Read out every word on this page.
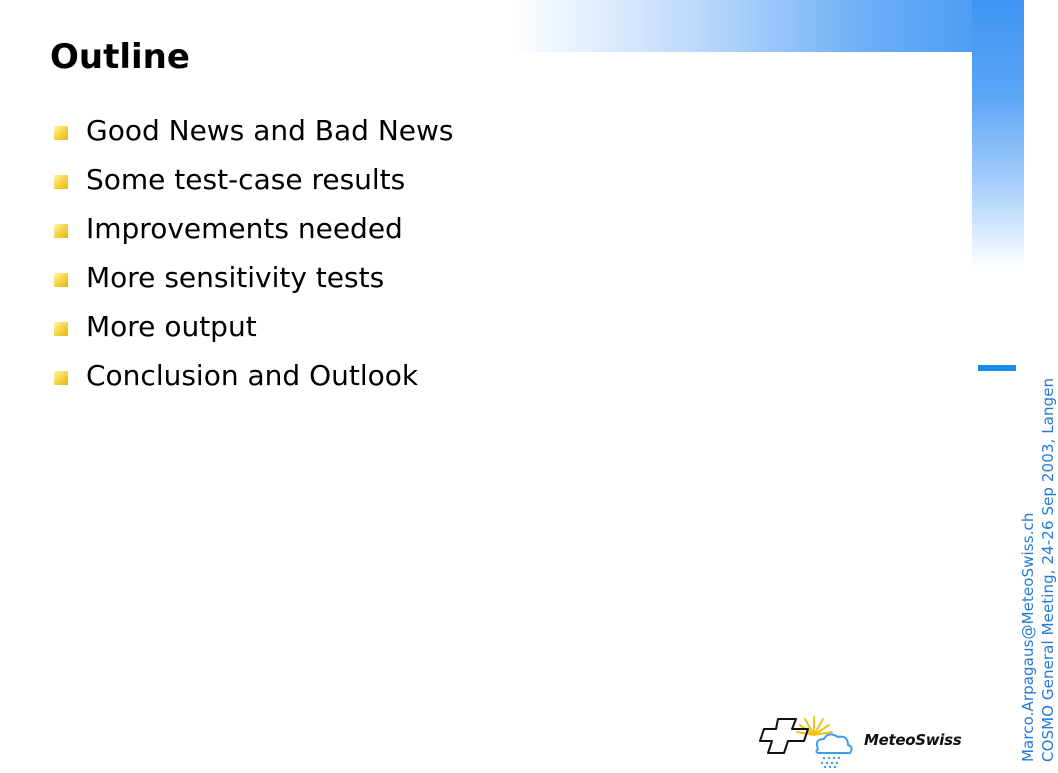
Outline
Good News and Bad News
Some test-case results
Improvements needed
More sensitivity tests
More output
Conclusion and Outlook
Marco.Arpagaus@MeteoSwiss.ch COSMO General Meeting, 24-26 Sep 2003, Langen
MeteoSwiss
